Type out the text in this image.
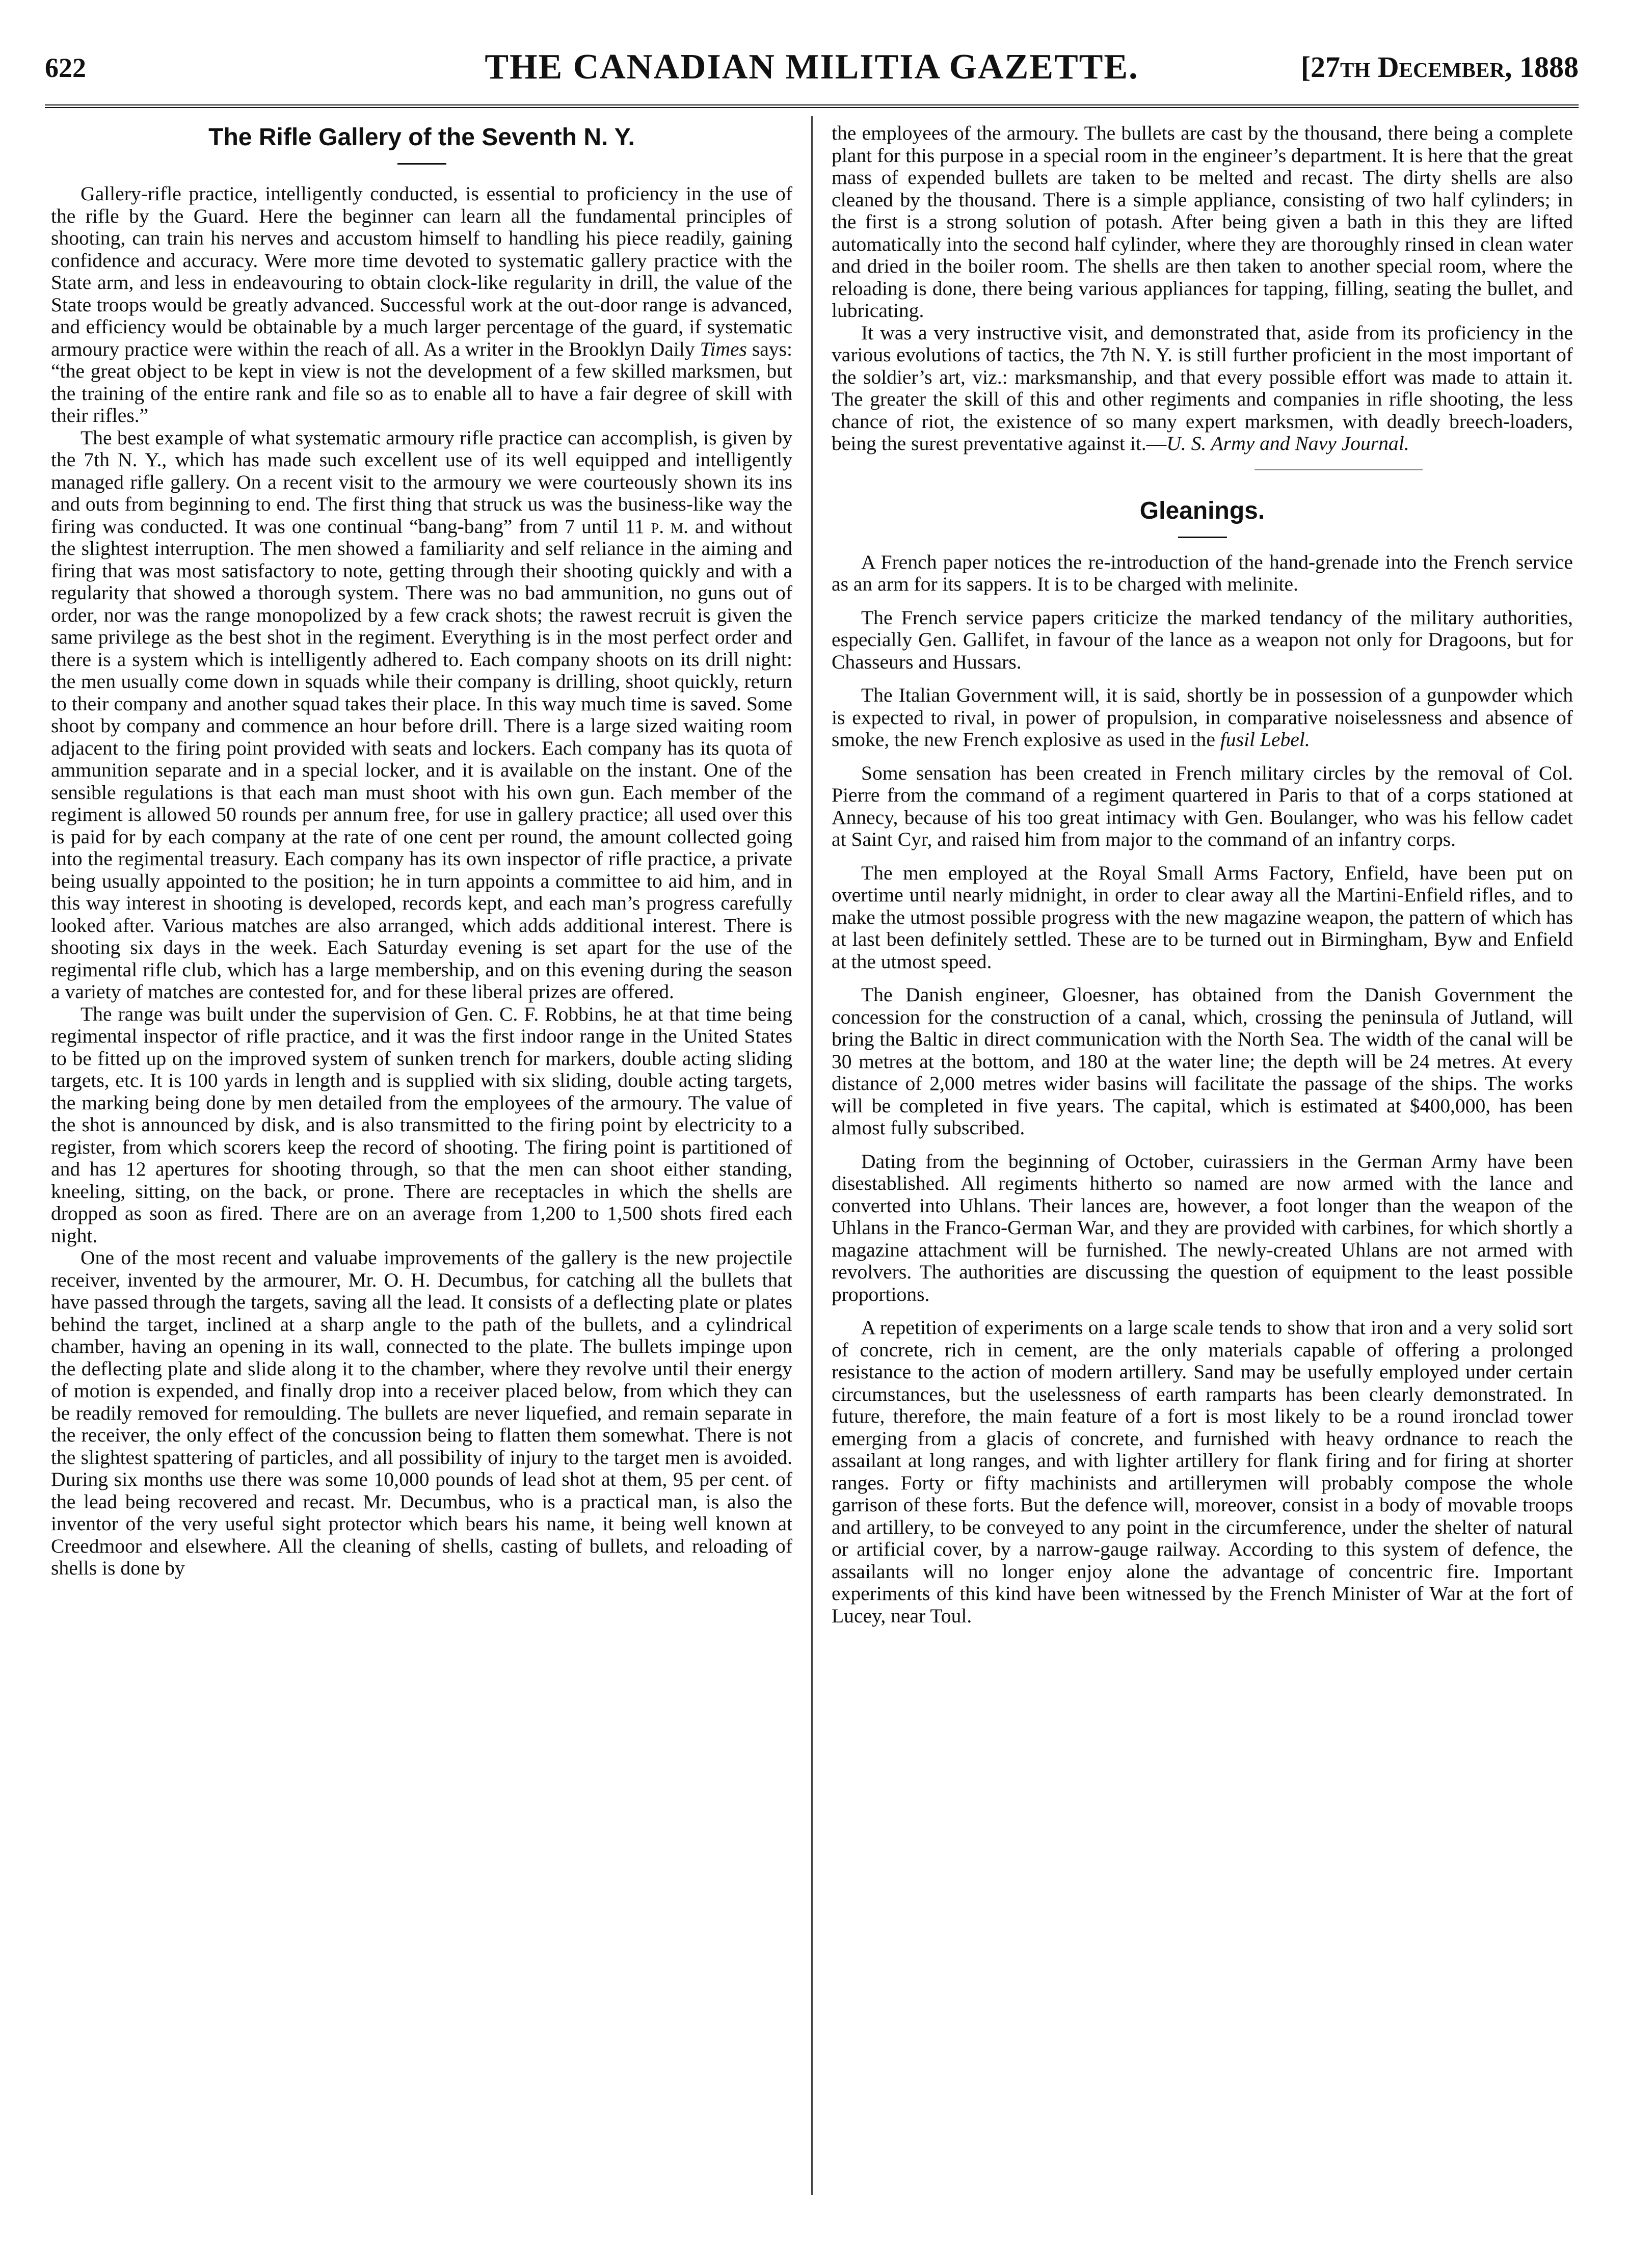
622	THE CANADIAN MILITIA GAZETTE.	[27th December, 1888
The Rifle Gallery of the Seventh N. Y.

Gallery-rifle practice, intelligently conducted, is essential to proficiency in the use of the rifle by the Guard. Here the beginner can learn all the fundamental principles of shooting, can train his nerves and accustom himself to handling his piece readily, gaining confidence and accuracy. Were more time devoted to systematic gallery practice with the State arm, and less in endeavouring to obtain clock-like regularity in drill, the value of the State troops would be greatly advanced. Successful work at the out-door range is advanced, and efficiency would be obtainable by a much larger percentage of the guard, if systematic armoury practice were within the reach of all. As a writer in the Brooklyn Daily Times says: “the great object to be kept in view is not the development of a few skilled marksmen, but the training of the entire rank and file so as to enable all to have a fair degree of skill with their rifles.”

The best example of what systematic armoury rifle practice can accomplish, is given by the 7th N. Y., which has made such excellent use of its well equipped and intelligently managed rifle gallery. On a recent visit to the armoury we were courteously shown its ins and outs from beginning to end. The first thing that struck us was the business-like way the firing was conducted. It was one continual “bang-bang” from 7 until 11 p. m. and without the slightest interruption. The men showed a familiarity and self reliance in the aiming and firing that was most satisfactory to note, getting through their shooting quickly and with a regularity that showed a thorough system. There was no bad ammunition, no guns out of order, nor was the range monopolized by a few crack shots; the rawest recruit is given the same privilege as the best shot in the regiment. Everything is in the most perfect order and there is a system which is intelligently adhered to. Each company shoots on its drill night: the men usually come down in squads while their company is drilling, shoot quickly, return to their company and another squad takes their place. In this way much time is saved. Some shoot by company and commence an hour before drill. There is a large sized waiting room adjacent to the firing point provided with seats and lockers. Each company has its quota of ammunition separate and in a special locker, and it is available on the instant. One of the sensible regulations is that each man must shoot with his own gun. Each member of the regiment is allowed 50 rounds per annum free, for use in gallery practice; all used over this is paid for by each company at the rate of one cent per round, the amount collected going into the regimental treasury. Each company has its own inspector of rifle practice, a private being usually appointed to the position; he in turn appoints a committee to aid him, and in this way interest in shooting is developed, records kept, and each man’s progress carefully looked after. Various matches are also arranged, which adds additional interest. There is shooting six days in the week. Each Saturday evening is set apart for the use of the regimental rifle club, which has a large membership, and on this evening during the season a variety of matches are contested for, and for these liberal prizes are offered.

The range was built under the supervision of Gen. C. F. Robbins, he at that time being regimental inspector of rifle practice, and it was the first indoor range in the United States to be fitted up on the improved system of sunken trench for markers, double acting sliding targets, etc. It is 100 yards in length and is supplied with six sliding, double acting targets, the marking being done by men detailed from the employees of the armoury. The value of the shot is announced by disk, and is also transmitted to the firing point by electricity to a register, from which scorers keep the record of shooting. The firing point is partitioned of and has 12 apertures for shooting through, so that the men can shoot either standing, kneeling, sitting, on the back, or prone. There are receptacles in which the shells are dropped as soon as fired. There are on an average from 1,200 to 1,500 shots fired each night.

One of the most recent and valuabe improvements of the gallery is the new projectile receiver, invented by the armourer, Mr. O. H. Decumbus, for catching all the bullets that have passed through the targets, saving all the lead. It consists of a deflecting plate or plates behind the target, inclined at a sharp angle to the path of the bullets, and a cylindrical chamber, having an opening in its wall, connected to the plate. The bullets impinge upon the deflecting plate and slide along it to the chamber, where they revolve until their energy of motion is expended, and finally drop into a receiver placed below, from which they can be readily removed for remoulding. The bullets are never liquefied, and remain separate in the receiver, the only effect of the concussion being to flatten them somewhat. There is not the slightest spattering of particles, and all possibility of injury to the target men is avoided. During six months use there was some 10,000 pounds of lead shot at them, 95 per cent. of the lead being recovered and recast. Mr. Decumbus, who is a practical man, is also the inventor of the very useful sight protector which bears his name, it being well known at Creedmoor and elsewhere. All the cleaning of shells, casting of bullets, and reloading of shells is done by

the employees of the armoury. The bullets are cast by the thousand, there being a complete plant for this purpose in a special room in the engineer’s department. It is here that the great mass of expended bullets are taken to be melted and recast. The dirty shells are also cleaned by the thousand. There is a simple appliance, consisting of two half cylinders; in the first is a strong solution of potash. After being given a bath in this they are lifted automatically into the second half cylinder, where they are thoroughly rinsed in clean water and dried in the boiler room. The shells are then taken to another special room, where the reloading is done, there being various appliances for tapping, filling, seating the bullet, and lubricating.

It was a very instructive visit, and demonstrated that, aside from its proficiency in the various evolutions of tactics, the 7th N. Y. is still further proficient in the most important of the soldier’s art, viz.: marksmanship, and that every possible effort was made to attain it. The greater the skill of this and other regiments and companies in rifle shooting, the less chance of riot, the existence of so many expert marksmen, with deadly breech-loaders, being the surest preventative against it.—U. S. Army and Navy Journal.

Gleanings.

A French paper notices the re-introduction of the hand-grenade into the French service as an arm for its sappers. It is to be charged with melinite.

The French service papers criticize the marked tendancy of the military authorities, especially Gen. Gallifet, in favour of the lance as a weapon not only for Dragoons, but for Chasseurs and Hussars.

The Italian Government will, it is said, shortly be in possession of a gunpowder which is expected to rival, in power of propulsion, in comparative noiselessness and absence of smoke, the new French explosive as used in the fusil Lebel.

Some sensation has been created in French military circles by the removal of Col. Pierre from the command of a regiment quartered in Paris to that of a corps stationed at Annecy, because of his too great intimacy with Gen. Boulanger, who was his fellow cadet at Saint Cyr, and raised him from major to the command of an infantry corps.

The men employed at the Royal Small Arms Factory, Enfield, have been put on overtime until nearly midnight, in order to clear away all the Martini-Enfield rifles, and to make the utmost possible progress with the new magazine weapon, the pattern of which has at last been definitely settled. These are to be turned out in Birmingham, Byw and Enfield at the utmost speed.

The Danish engineer, Gloesner, has obtained from the Danish Government the concession for the construction of a canal, which, crossing the peninsula of Jutland, will bring the Baltic in direct communication with the North Sea. The width of the canal will be 30 metres at the bottom, and 180 at the water line; the depth will be 24 metres. At every distance of 2,000 metres wider basins will facilitate the passage of the ships. The works will be completed in five years. The capital, which is estimated at $400,000, has been almost fully subscribed.

Dating from the beginning of October, cuirassiers in the German Army have been disestablished. All regiments hitherto so named are now armed with the lance and converted into Uhlans. Their lances are, however, a foot longer than the weapon of the Uhlans in the Franco-German War, and they are provided with carbines, for which shortly a magazine attachment will be furnished. The newly-created Uhlans are not armed with revolvers. The authorities are discussing the question of equipment to the least possible proportions.

A repetition of experiments on a large scale tends to show that iron and a very solid sort of concrete, rich in cement, are the only materials capable of offering a prolonged resistance to the action of modern artillery. Sand may be usefully employed under certain circumstances, but the uselessness of earth ramparts has been clearly demonstrated. In future, therefore, the main feature of a fort is most likely to be a round ironclad tower emerging from a glacis of concrete, and furnished with heavy ordnance to reach the assailant at long ranges, and with lighter artillery for flank firing and for firing at shorter ranges. Forty or fifty machinists and artillerymen will probably compose the whole garrison of these forts. But the defence will, moreover, consist in a body of movable troops and artillery, to be conveyed to any point in the circumference, under the shelter of natural or artificial cover, by a narrow-gauge railway. According to this system of defence, the assailants will no longer enjoy alone the advantage of concentric fire. Important experiments of this kind have been witnessed by the French Minister of War at the fort of Lucey, near Toul.
